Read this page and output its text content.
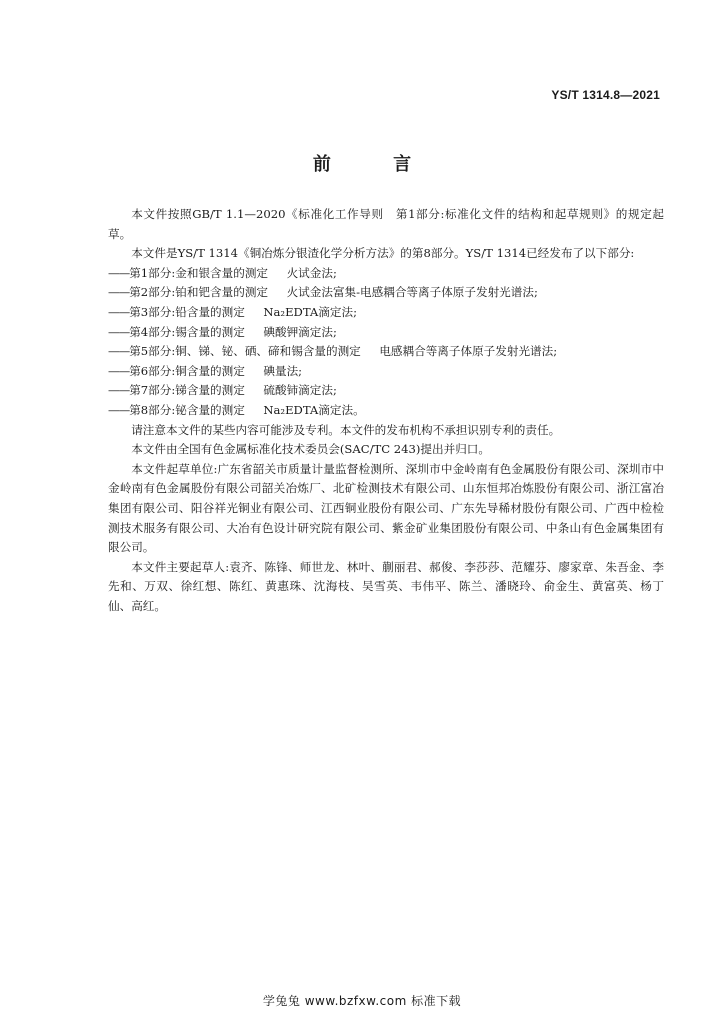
YS/T 1314.8—2021
前 言

本文件按照GB/T 1.1—2020《标准化工作导则　第1部分:标准化文件的结构和起草规则》的规定起草。

本文件是YS/T 1314《铜冶炼分银渣化学分析方法》的第8部分。YS/T 1314已经发布了以下部分:

——第1部分:金和银含量的测定 火试金法;
——第2部分:铂和钯含量的测定 火试金法富集-电感耦合等离子体原子发射光谱法;
——第3部分:铅含量的测定 Na₂EDTA滴定法;
——第4部分:锡含量的测定 碘酸钾滴定法;
——第5部分:铜、锑、铋、硒、碲和锡含量的测定 电感耦合等离子体原子发射光谱法;
——第6部分:铜含量的测定 碘量法;
——第7部分:锑含量的测定 硫酸铈滴定法;
——第8部分:铋含量的测定 Na₂EDTA滴定法。

请注意本文件的某些内容可能涉及专利。本文件的发布机构不承担识别专利的责任。

本文件由全国有色金属标准化技术委员会(SAC/TC 243)提出并归口。

本文件起草单位:广东省韶关市质量计量监督检测所、深圳市中金岭南有色金属股份有限公司、深圳市中金岭南有色金属股份有限公司韶关冶炼厂、北矿检测技术有限公司、山东恒邦冶炼股份有限公司、浙江富冶集团有限公司、阳谷祥光铜业有限公司、江西铜业股份有限公司、广东先导稀材股份有限公司、广西中检检测技术服务有限公司、大冶有色设计研究院有限公司、紫金矿业集团股份有限公司、中条山有色金属集团有限公司。

本文件主要起草人:袁齐、陈锋、师世龙、林叶、蒯丽君、郝俊、李莎莎、范耀芬、廖家章、朱吾金、李先和、万双、徐红想、陈红、黄惠珠、沈海枝、吴雪英、韦伟平、陈兰、潘晓玲、俞金生、黄富英、杨丁仙、高红。

学兔兔 www.bzfxw.com 标准下载
